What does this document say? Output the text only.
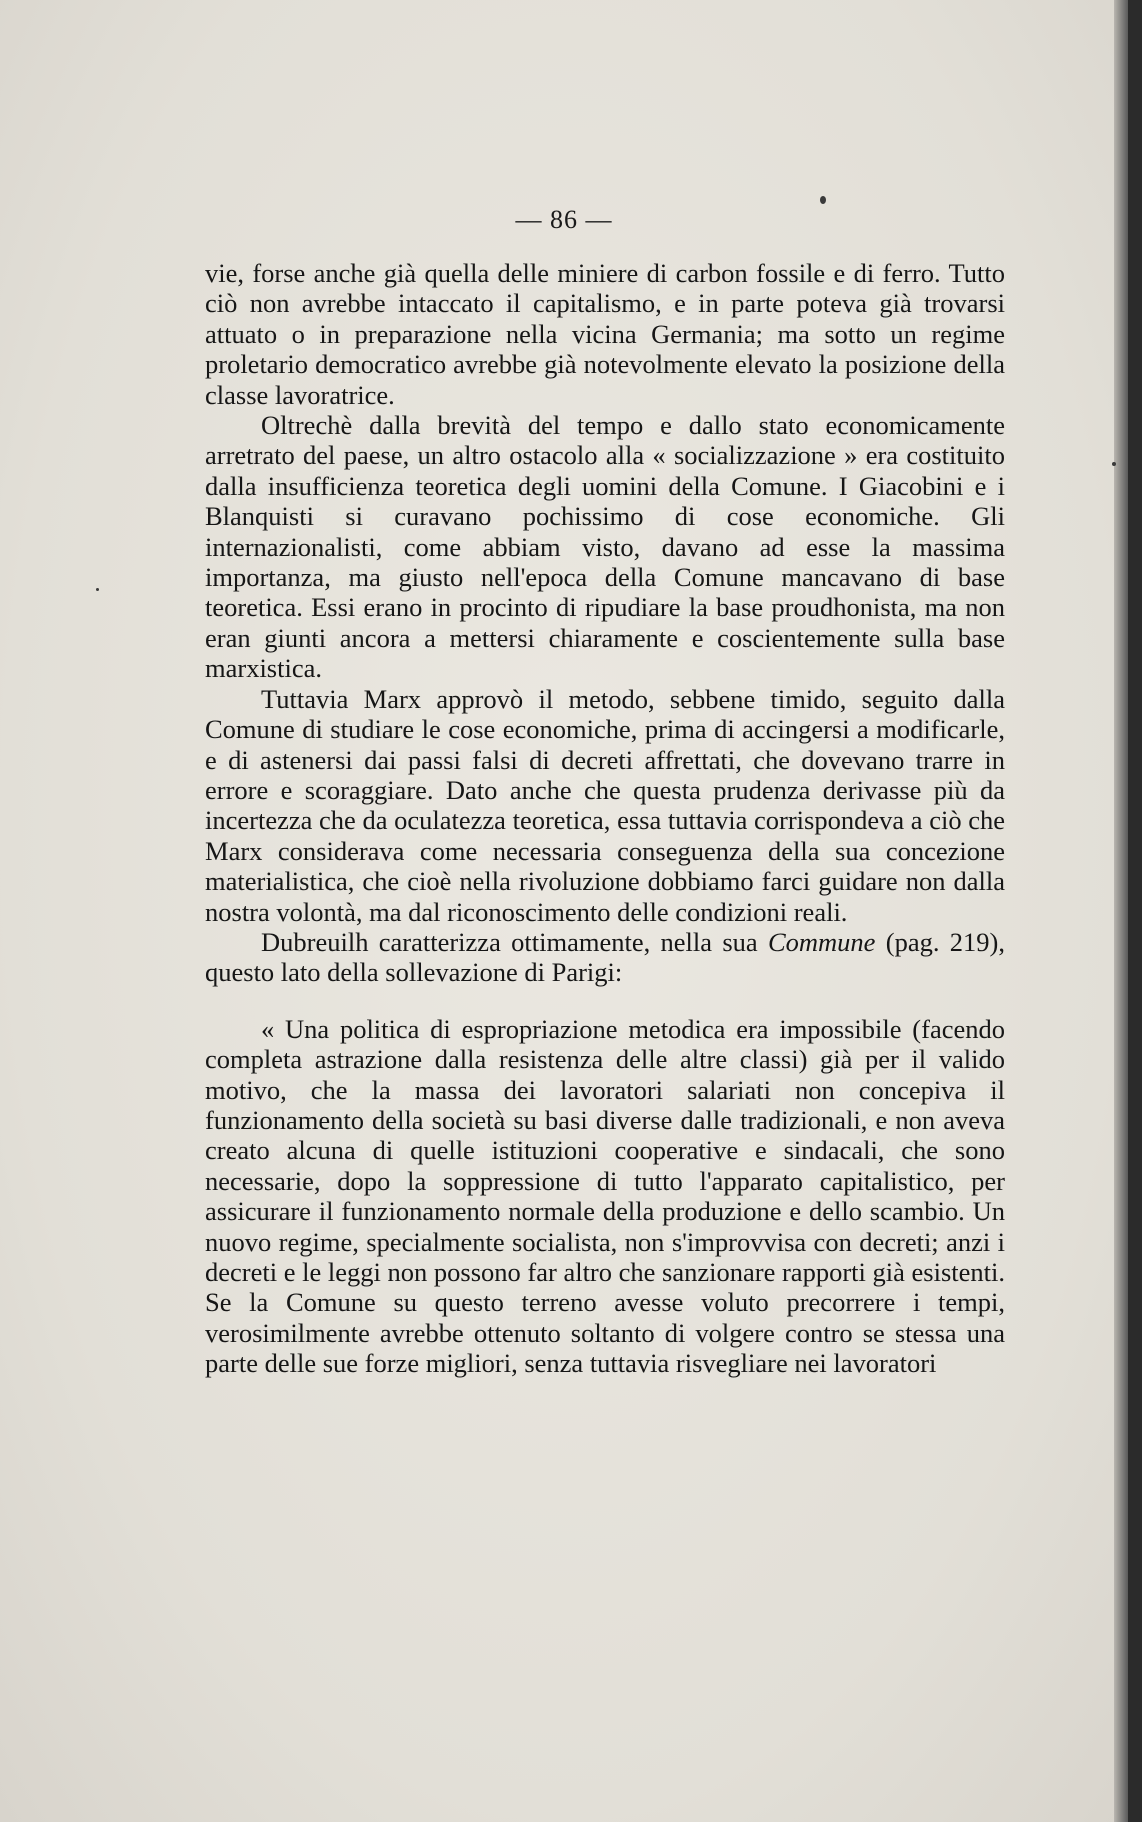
— 86 —

vie, forse anche già quella delle miniere di carbon fossile e di ferro. Tutto ciò non avrebbe intaccato il capitalismo, e in parte poteva già trovarsi attuato o in preparazione nella vicina Germania; ma sotto un regime proletario democratico avrebbe già notevolmente elevato la posizione della classe lavoratrice.

Oltrechè dalla brevità del tempo e dallo stato economicamente arretrato del paese, un altro ostacolo alla « socializzazione » era costituito dalla insufficienza teoretica degli uomini della Comune. I Giacobini e i Blanquisti si curavano pochissimo di cose economiche. Gli internazionalisti, come abbiam visto, davano ad esse la massima importanza, ma giusto nell'epoca della Comune mancavano di base teoretica. Essi erano in procinto di ripudiare la base proudhonista, ma non eran giunti ancora a mettersi chiaramente e coscientemente sulla base marxistica.

Tuttavia Marx approvò il metodo, sebbene timido, seguito dalla Comune di studiare le cose economiche, prima di accingersi a modificarle, e di astenersi dai passi falsi di decreti affrettati, che dovevano trarre in errore e scoraggiare. Dato anche che questa prudenza derivasse più da incertezza che da oculatezza teoretica, essa tuttavia corrispondeva a ciò che Marx considerava come necessaria conseguenza della sua concezione materialistica, che cioè nella rivoluzione dobbiamo farci guidare non dalla nostra volontà, ma dal riconoscimento delle condizioni reali.

Dubreuilh caratterizza ottimamente, nella sua Commune (pag. 219), questo lato della sollevazione di Parigi:

« Una politica di espropriazione metodica era impossibile (facendo completa astrazione dalla resistenza delle altre classi) già per il valido motivo, che la massa dei lavoratori salariati non concepiva il funzionamento della società su basi diverse dalle tradizionali, e non aveva creato alcuna di quelle istituzioni cooperative e sindacali, che sono necessarie, dopo la soppressione di tutto l'apparato capitalistico, per assicurare il funzionamento normale della produzione e dello scambio. Un nuovo regime, specialmente socialista, non s'improvvisa con decreti; anzi i decreti e le leggi non possono far altro che sanzionare rapporti già esistenti. Se la Comune su questo terreno avesse voluto precorrere i tempi, verosimilmente avrebbe ottenuto soltanto di volgere contro se stessa una parte delle sue forze migliori, senza tuttavia risvegliare nei lavoratori
